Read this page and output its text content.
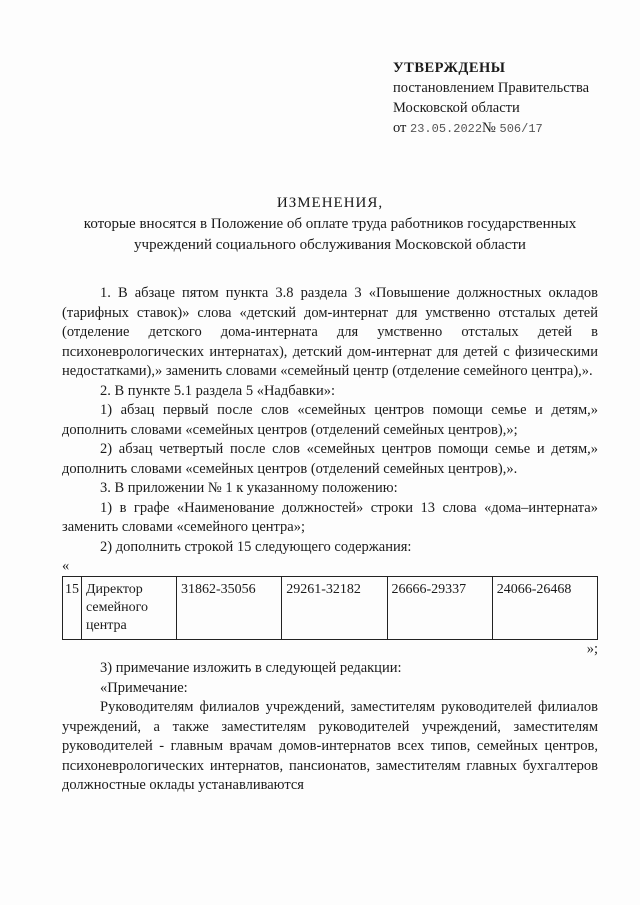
УТВЕРЖДЕНЫ
постановлением Правительства
Московской области
от 23.05.2022№ 506/17
ИЗМЕНЕНИЯ,
которые вносятся в Положение об оплате труда работников государственных
учреждений социального обслуживания Московской области

1. В абзаце пятом пункта 3.8 раздела 3 «Повышение должностных окладов (тарифных ставок)» слова «детский дом-интернат для умственно отсталых детей (отделение детского дома-интерната для умственно отсталых детей в психоневрологических интернатах), детский дом-интернат для детей с физическими недостатками),» заменить словами «семейный центр (отделение семейного центра),».

2. В пункте 5.1 раздела 5 «Надбавки»:

1) абзац первый после слов «семейных центров помощи семье и детям,» дополнить словами «семейных центров (отделений семейных центров),»;

2) абзац четвертый после слов «семейных центров помощи семье и детям,» дополнить словами «семейных центров (отделений семейных центров),».

3. В приложении № 1 к указанному положению:

1) в графе «Наименование должностей» строки 13 слова «дома–интерната» заменить словами «семейного центра»;

2) дополнить строкой 15 следующего содержания:

«

15	Директор семейного центра	31862-35056	29261-32182	26666-29337	24066-26468

»;

3) примечание изложить в следующей редакции:

«Примечание:

Руководителям филиалов учреждений, заместителям руководителей филиалов учреждений, а также заместителям руководителей учреждений, заместителям руководителей - главным врачам домов-интернатов всех типов, семейных центров, психоневрологических интернатов, пансионатов, заместителям главных бухгалтеров должностные оклады устанавливаются
